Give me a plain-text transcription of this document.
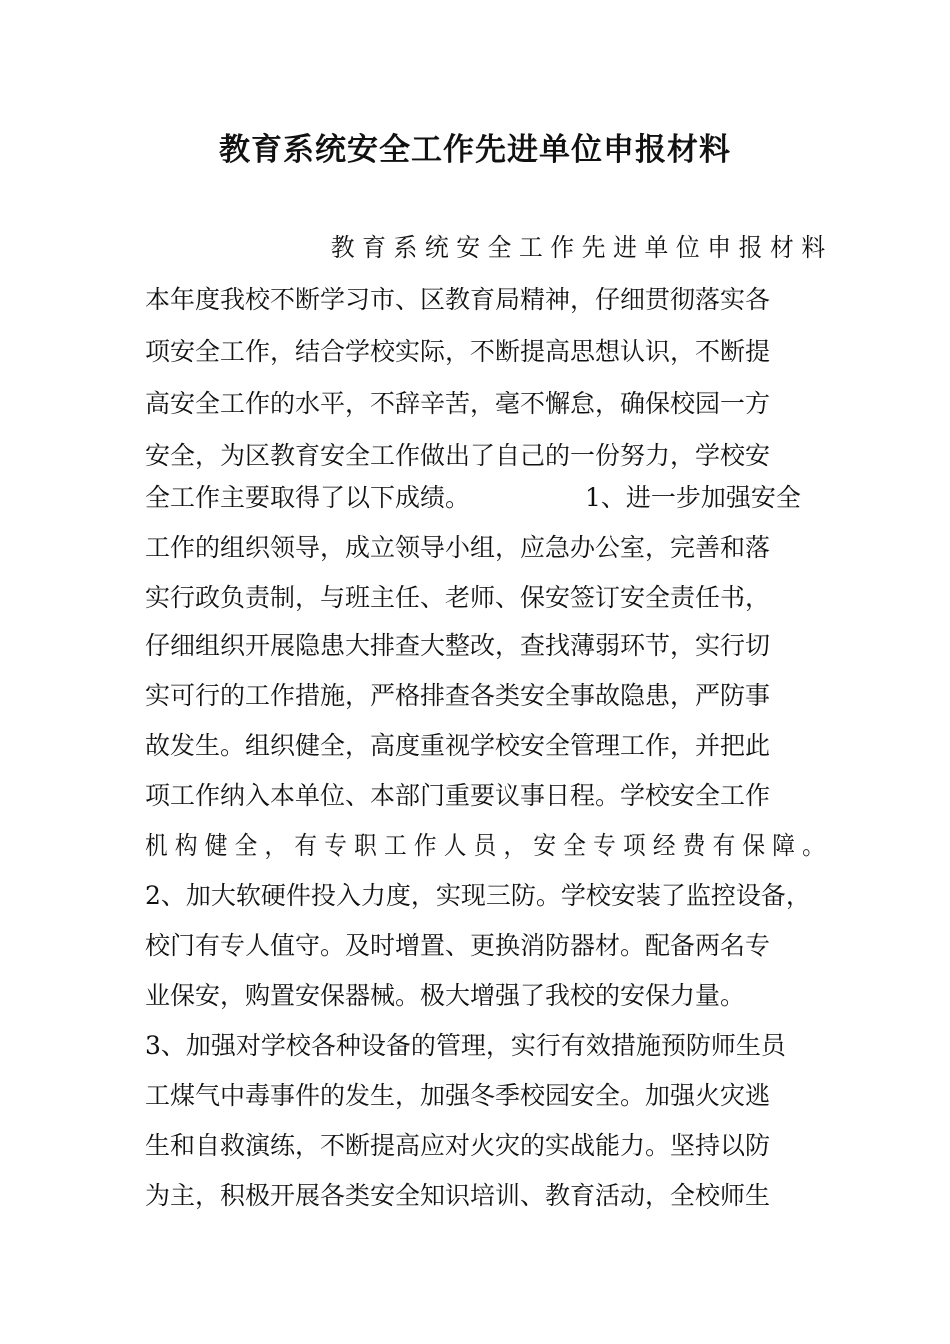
教育系统安全工作先进单位申报材料
教 育 系 统 安 全 工 作 先 进 单 位 申 报 材 料
本年度我校不断学习市、区教育局精神，仔细贯彻落实各
项安全工作，结合学校实际，不断提高思想认识，不断提
高安全工作的水平，不辞辛苦，毫不懈怠，确保校园一方
安全，为区教育安全工作做出了自己的一份努力，学校安
全工作主要取得了以下成绩。	1、进一步加强安全
工作的组织领导，成立领导小组，应急办公室，完善和落
实行政负责制，与班主任、老师、保安签订安全责任书，
仔细组织开展隐患大排查大整改，查找薄弱环节，实行切
实可行的工作措施，严格排查各类安全事故隐患，严防事
故发生。组织健全，高度重视学校安全管理工作，并把此
项工作纳入本单位、本部门重要议事日程。学校安全工作
机 构 健 全 ， 有 专 职 工 作 人 员 ， 安 全 专 项 经 费 有 保 障 。
2、加大软硬件投入力度，实现三防。学校安装了监控设备，
校门有专人值守。及时增置、更换消防器材。配备两名专
业保安，购置安保器械。极大增强了我校的安保力量。
3、加强对学校各种设备的管理，实行有效措施预防师生员
工煤气中毒事件的发生，加强冬季校园安全。加强火灾逃
生和自救演练，不断提高应对火灾的实战能力。坚持以防
为主，积极开展各类安全知识培训、教育活动，全校师生
